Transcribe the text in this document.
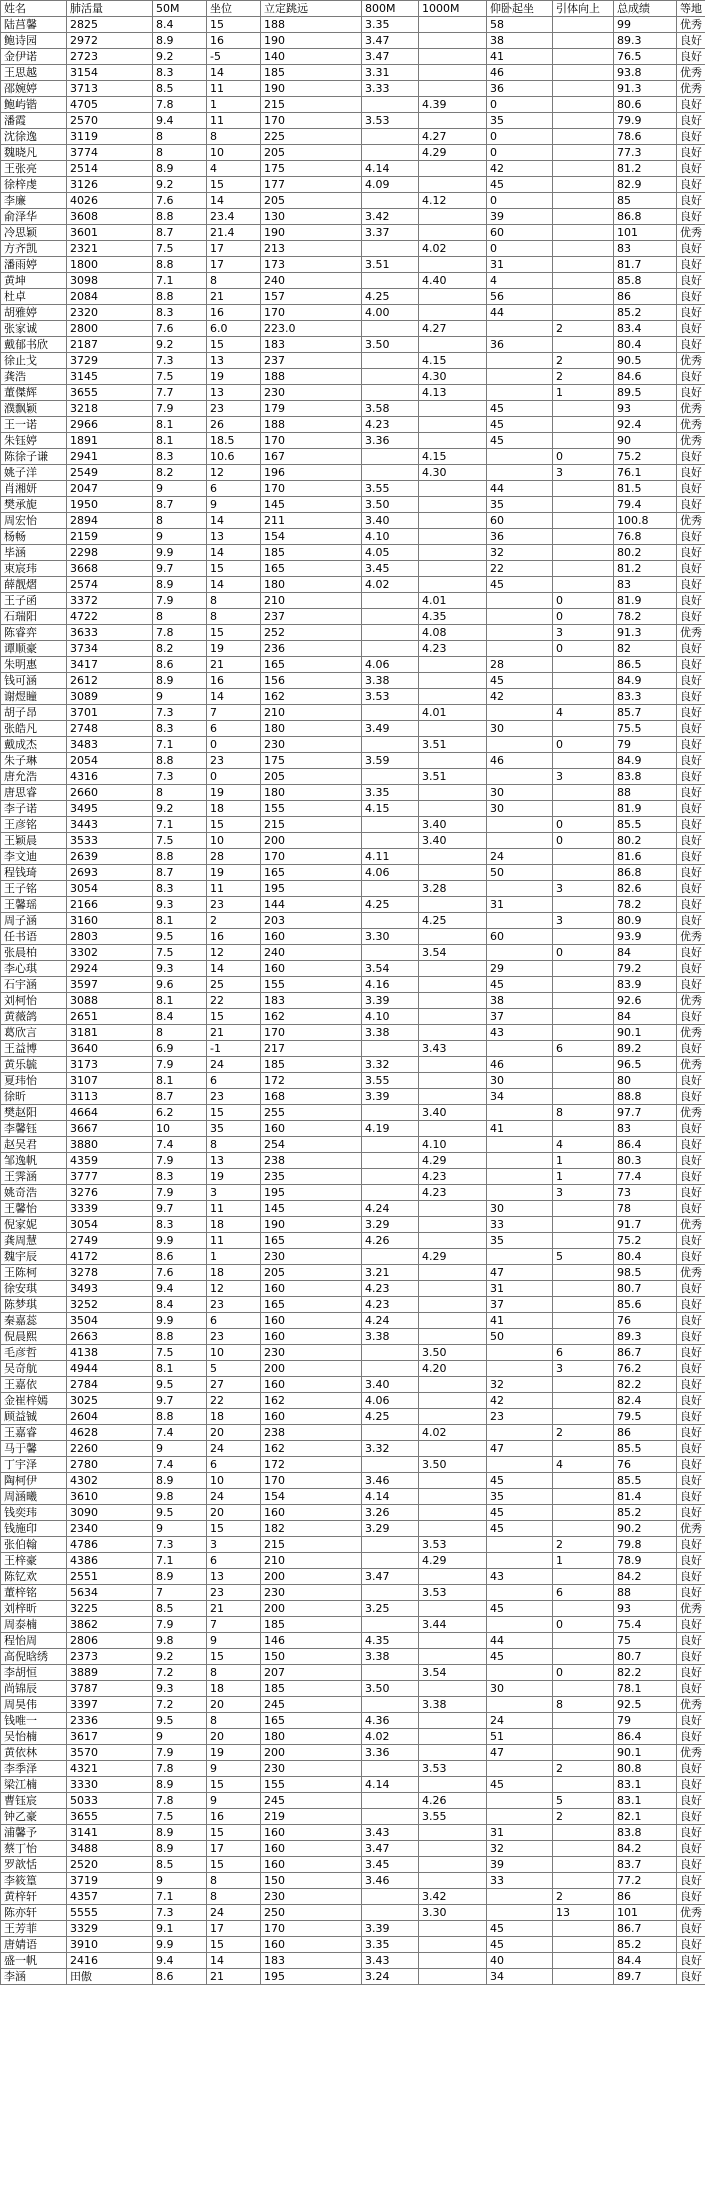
姓名	肺活量	50M	坐位	立定跳远	800M	1000M	仰卧起坐	引体向上	总成绩	等地
陆莒馨	2825	8.4	15	188	3.35		58		99	优秀
鲍诗园	2972	8.9	16	190	3.47		38		89.3	良好
金伊诺	2723	9.2	-5	140	3.47		41		76.5	良好
王思越	3154	8.3	14	185	3.31		46		93.8	优秀
邵婉婷	3713	8.5	11	190	3.33		36		91.3	优秀
鲍屿锴	4705	7.8	1	215		4.39	0		80.6	良好
潘霞	2570	9.4	11	170	3.53		35		79.9	良好
沈徐逸	3119	8	8	225		4.27	0		78.6	良好
魏晓凡	3774	8	10	205		4.29	0		77.3	良好
王张亮	2514	8.9	4	175	4.14		42		81.2	良好
徐梓虔	3126	9.2	15	177	4.09		45		82.9	良好
李廉	4026	7.6	14	205		4.12	0		85	良好
俞泽华	3608	8.8	23.4	130	3.42		39		86.8	良好
冷思颖	3601	8.7	21.4	190	3.37		60		101	优秀
方齐凯	2321	7.5	17	213		4.02	0		83	良好
潘雨婷	1800	8.8	17	173	3.51		31		81.7	良好
黄坤	3098	7.1	8	240		4.40	4		85.8	良好
杜卓	2084	8.8	21	157	4.25		56		86	良好
胡雅婷	2320	8.3	16	170	4.00		44		85.2	良好
张家诚	2800	7.6	6.0	223.0		4.27		2	83.4	良好
戴郁书欣	2187	9.2	15	183	3.50		36		80.4	良好
徐止戈	3729	7.3	13	237		4.15		2	90.5	优秀
龚浩	3145	7.5	19	188		4.30		2	84.6	良好
董傑辉	3655	7.7	13	230		4.13		1	89.5	良好
濮飘颖	3218	7.9	23	179	3.58		45		93	优秀
王一诺	2966	8.1	26	188	4.23		45		92.4	优秀
朱钰婷	1891	8.1	18.5	170	3.36		45		90	优秀
陈徐子谦	2941	8.3	10.6	167		4.15		0	75.2	良好
姚子洋	2549	8.2	12	196		4.30		3	76.1	良好
肖湘妍	2047	9	6	170	3.55		44		81.5	良好
樊承旎	1950	8.7	9	145	3.50		35		79.4	良好
周宏怡	2894	8	14	211	3.40		60		100.8	优秀
杨畅	2159	9	13	154	4.10		36		76.8	良好
毕涵	2298	9.9	14	185	4.05		32		80.2	良好
束宸玮	3668	9.7	15	165	3.45		22		81.2	良好
薛靓熠	2574	8.9	14	180	4.02		45		83	良好
王子函	3372	7.9	8	210		4.01		0	81.9	良好
石瑞阳	4722	8	8	237		4.35		0	78.2	良好
陈睿弈	3633	7.8	15	252		4.08		3	91.3	优秀
谭顺豪	3734	8.2	19	236		4.23		0	82	良好
朱明惠	3417	8.6	21	165	4.06		28		86.5	良好
钱可涵	2612	8.9	16	156	3.38		45		84.9	良好
谢煜瞳	3089	9	14	162	3.53		42		83.3	良好
胡子昂	3701	7.3	7	210		4.01		4	85.7	良好
张皓凡	2748	8.3	6	180	3.49		30		75.5	良好
戴成杰	3483	7.1	0	230		3.51		0	79	良好
朱子琳	2054	8.8	23	175	3.59		46		84.9	良好
唐允浩	4316	7.3	0	205		3.51		3	83.8	良好
唐思睿	2660	8	19	180	3.35		30		88	良好
李子诺	3495	9.2	18	155	4.15		30		81.9	良好
王彦铭	3443	7.1	15	215		3.40		0	85.5	良好
王颖晨	3533	7.5	10	200		3.40		0	80.2	良好
李文迪	2639	8.8	28	170	4.11		24		81.6	良好
程钱琦	2693	8.7	19	165	4.06		50		86.8	良好
王子铭	3054	8.3	11	195		3.28		3	82.6	良好
王馨瑶	2166	9.3	23	144	4.25		31		78.2	良好
周子涵	3160	8.1	2	203		4.25		3	80.9	良好
任书语	2803	9.5	16	160	3.30		60		93.9	优秀
张晨柏	3302	7.5	12	240		3.54		0	84	良好
李心琪	2924	9.3	14	160	3.54		29		79.2	良好
石宇涵	3597	9.6	25	155	4.16		45		83.9	良好
刘柯怡	3088	8.1	22	183	3.39		38		92.6	优秀
黄薇鸽	2651	8.4	15	162	4.10		37		84	良好
葛欣言	3181	8	21	170	3.38		43		90.1	优秀
王益博	3640	6.9	-1	217		3.43		6	89.2	良好
黄乐毓	3173	7.9	24	185	3.32		46		96.5	优秀
夏玮怡	3107	8.1	6	172	3.55		30		80	良好
徐昕	3113	8.7	23	168	3.39		34		88.8	良好
樊赵阳	4664	6.2	15	255		3.40		8	97.7	优秀
李馨钰	3667	10	35	160	4.19		41		83	良好
赵吴君	3880	7.4	8	254		4.10		4	86.4	良好
邹逸帆	4359	7.9	13	238		4.29		1	80.3	良好
王霁涵	3777	8.3	19	235		4.23		1	77.4	良好
姚奇浩	3276	7.9	3	195		4.23		3	73	良好
王馨怡	3339	9.7	11	145	4.24		30		78	良好
倪家妮	3054	8.3	18	190	3.29		33		91.7	优秀
龚周慧	2749	9.9	11	165	4.26		35		75.2	良好
魏宇辰	4172	8.6	1	230		4.29		5	80.4	良好
王陈柯	3278	7.6	18	205	3.21		47		98.5	优秀
徐安琪	3493	9.4	12	160	4.23		31		80.7	良好
陈梦琪	3252	8.4	23	165	4.23		37		85.6	良好
秦嘉蕊	3504	9.9	6	160	4.24		41		76	良好
倪晨熙	2663	8.8	23	160	3.38		50		89.3	良好
毛彦哲	4138	7.5	10	230		3.50		6	86.7	良好
吴奇航	4944	8.1	5	200		4.20		3	76.2	良好
王嘉依	2784	9.5	27	160	3.40		32		82.2	良好
金崔梓嫣	3025	9.7	22	162	4.06		42		82.4	良好
顾益铖	2604	8.8	18	160	4.25		23		79.5	良好
王嘉睿	4628	7.4	20	238		4.02		2	86	良好
马于馨	2260	9	24	162	3.32		47		85.5	良好
丁宇泽	2780	7.4	6	172		3.50		4	76	良好
陶柯伊	4302	8.9	10	170	3.46		45		85.5	良好
周涵曦	3610	9.8	24	154	4.14		35		81.4	良好
钱奕玮	3090	9.5	20	160	3.26		45		85.2	良好
钱施印	2340	9	15	182	3.29		45		90.2	优秀
张伯翰	4786	7.3	3	215		3.53		2	79.8	良好
王梓豪	4386	7.1	6	210		4.29		1	78.9	良好
陈钇欢	2551	8.9	13	200	3.47		43		84.2	良好
董梓铭	5634	7	23	230		3.53		6	88	良好
刘梓昕	3225	8.5	21	200	3.25		45		93	优秀
周泰楠	3862	7.9	7	185		3.44		0	75.4	良好
程怡周	2806	9.8	9	146	4.35		44		75	良好
高倪晗绣	2373	9.2	15	150	3.38		45		80.7	良好
李胡恒	3889	7.2	8	207		3.54		0	82.2	良好
尚锦辰	3787	9.3	18	185	3.50		30		78.1	良好
周昊伟	3397	7.2	20	245		3.38		8	92.5	优秀
钱唯一	2336	9.5	8	165	4.36		24		79	良好
吴怡楠	3617	9	20	180	4.02		51		86.4	良好
黄依林	3570	7.9	19	200	3.36		47		90.1	优秀
李季泽	4321	7.8	9	230		3.53		2	80.8	良好
梁江楠	3330	8.9	15	155	4.14		45		83.1	良好
曹钰宸	5033	7.8	9	245		4.26		5	83.1	良好
钟乙豪	3655	7.5	16	219		3.55		2	82.1	良好
浦馨予	3141	8.9	15	160	3.43		31		83.8	良好
蔡丁怡	3488	8.9	17	160	3.47		32		84.2	良好
罗歆恬	2520	8.5	15	160	3.45		39		83.7	良好
李筱篁	3719	9	8	150	3.46		33		77.2	良好
黄梓轩	4357	7.1	8	230		3.42		2	86	良好
陈亦轩	5555	7.3	24	250		3.30		13	101	优秀
王芳菲	3329	9.1	17	170	3.39		45		86.7	良好
唐婧语	3910	9.9	15	160	3.35		45		85.2	良好
盛一帆	2416	9.4	14	183	3.43		40		84.4	良好
李涵	田傲	8.6	21	195	3.24		34		89.7	良好
